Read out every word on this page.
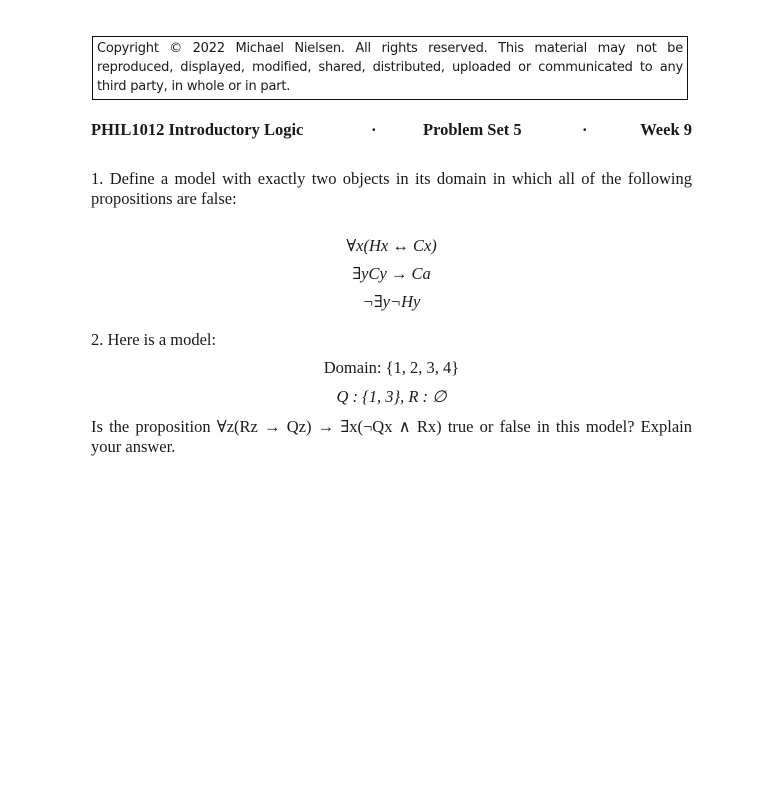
Copyright © 2022 Michael Nielsen. All rights reserved. This material may not be reproduced, displayed, modified, shared, distributed, uploaded or communicated to any third party, in whole or in part.
PHIL1012 Introductory Logic	·	Problem Set 5	·	Week 9
1. Define a model with exactly two objects in its domain in which all of the following propositions are false:
∀x(Hx ↔ Cx)
∃yCy → Ca
¬∃y¬Hy
2. Here is a model:
Domain: {1, 2, 3, 4}
Q : {1, 3}, R : ∅
Is the proposition ∀z(Rz → Qz) → ∃x(¬Qx ∧ Rx) true or false in this model? Explain your answer.
